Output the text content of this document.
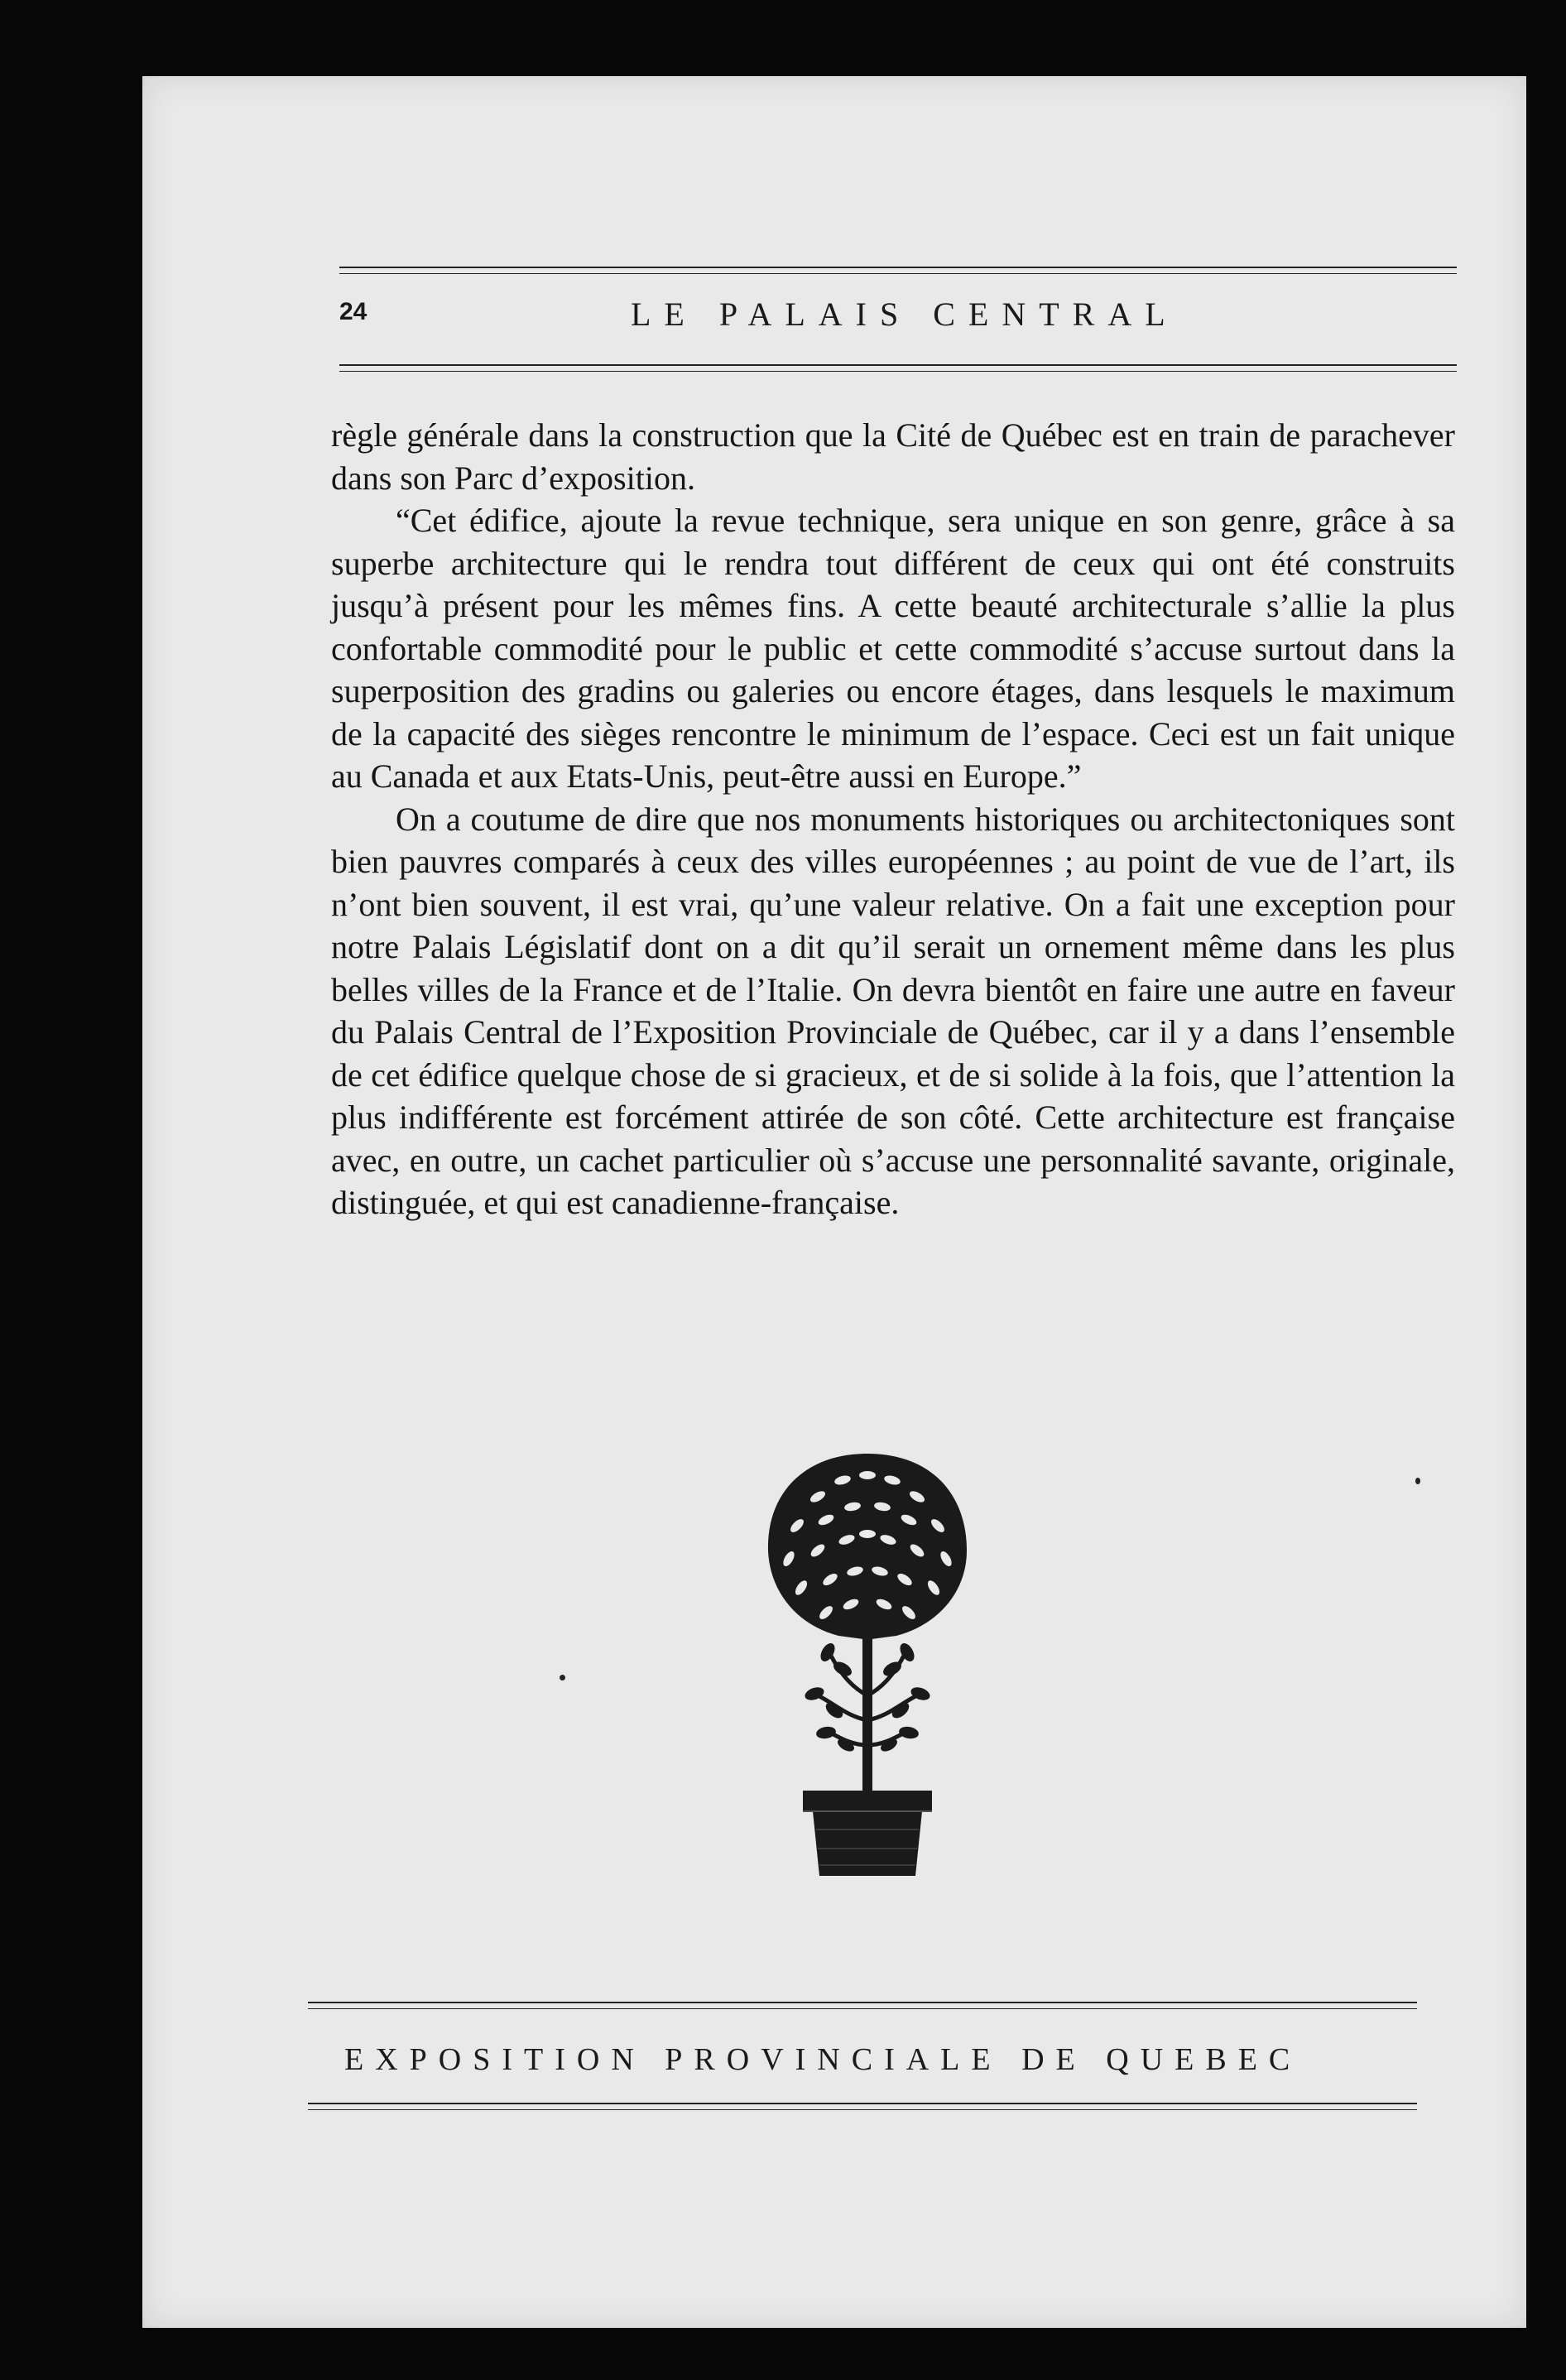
24	LE PALAIS CENTRAL

règle générale dans la construction que la Cité de Québec est en train de parachever dans son Parc d’exposition.

“Cet édifice, ajoute la revue technique, sera unique en son genre, grâce à sa superbe architecture qui le rendra tout différent de ceux qui ont été construits jusqu’à présent pour les mêmes fins. A cette beauté architecturale s’allie la plus confortable commodité pour le public et cette commodité s’accuse surtout dans la superposition des gradins ou galeries ou encore étages, dans lesquels le maximum de la capacité des sièges rencontre le minimum de l’espace. Ceci est un fait unique au Canada et aux Etats-Unis, peut-être aussi en Europe.”

On a coutume de dire que nos monuments historiques ou architectoniques sont bien pauvres comparés à ceux des villes européennes ; au point de vue de l’art, ils n’ont bien souvent, il est vrai, qu’une valeur relative. On a fait une exception pour notre Palais Législatif dont on a dit qu’il serait un ornement même dans les plus belles villes de la France et de l’Italie. On devra bientôt en faire une autre en faveur du Palais Central de l’Exposition Provinciale de Québec, car il y a dans l’ensemble de cet édifice quelque chose de si gracieux, et de si solide à la fois, que l’attention la plus indifférente est forcément attirée de son côté. Cette architecture est française avec, en outre, un cachet particulier où s’accuse une personnalité savante, originale, distinguée, et qui est canadienne-française.

EXPOSITION PROVINCIALE DE QUEBEC
